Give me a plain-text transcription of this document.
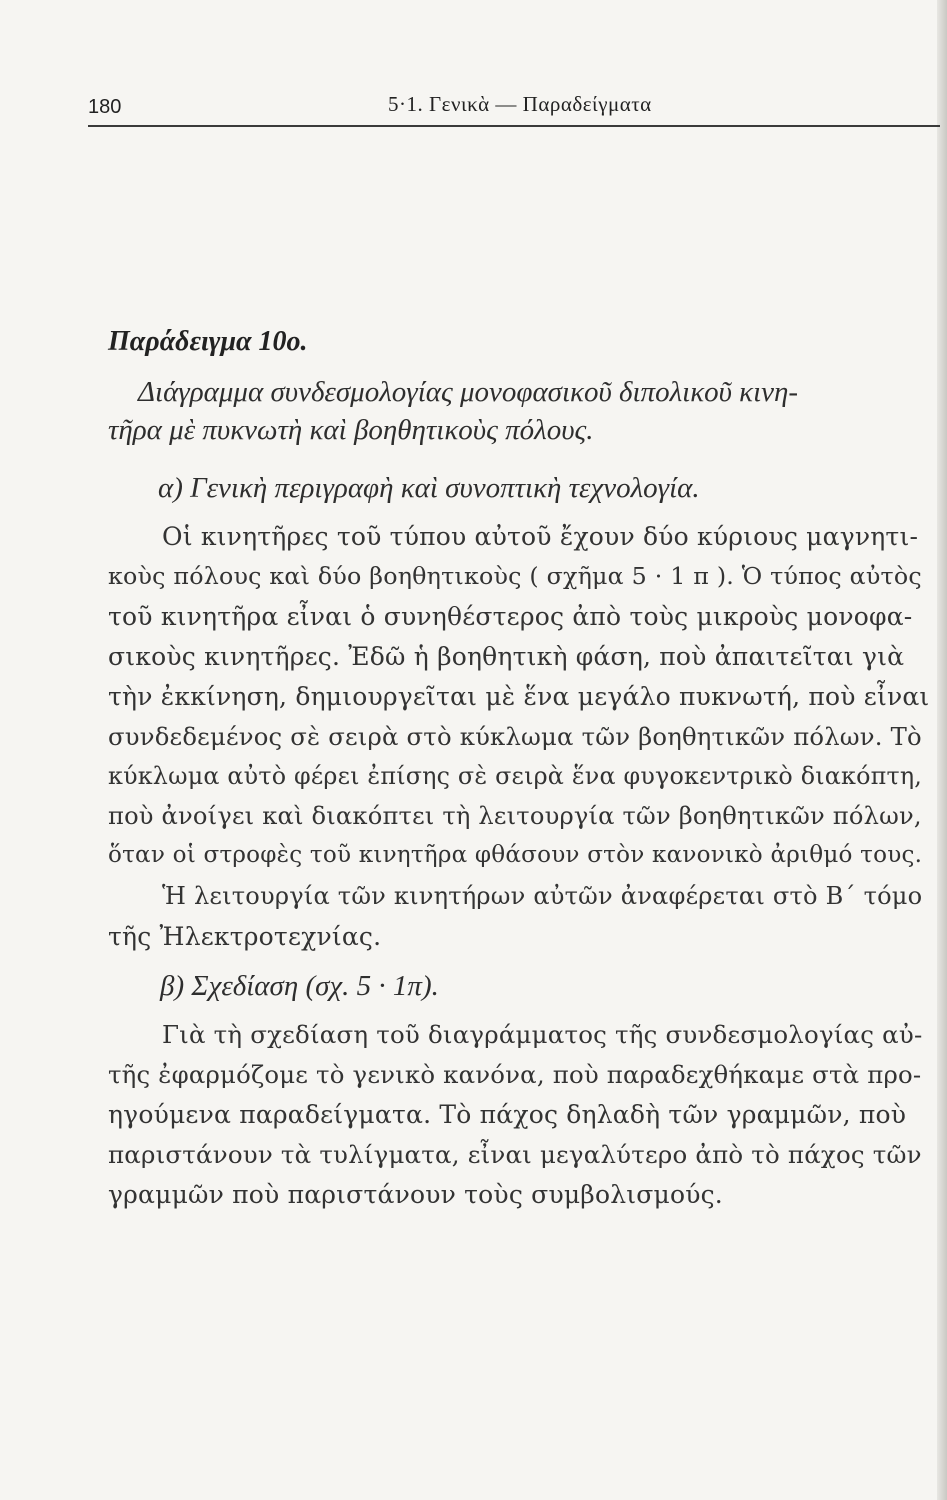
180	5·1. Γενικὰ — Παραδείγματα
Παράδειγμα 10ο.
Διάγραμμα συνδεσμολογίας μονοφασικοῦ διπολικοῦ κινη-
τῆρα μὲ πυκνωτὴ καὶ βοηθητικοὺς πόλους.
α) Γενικὴ περιγραφὴ καὶ συνοπτικὴ τεχνολογία.
Οἱ κινητῆρες τοῦ τύπου αὐτοῦ ἔχουν δύο κύριους μαγνητι-
κοὺς πόλους καὶ δύο βοηθητικοὺς ( σχῆμα 5 · 1 π ). Ὁ τύπος αὐτὸς
τοῦ κινητῆρα εἶναι ὁ συνηθέστερος ἀπὸ τοὺς μικροὺς μονοφα-
σικοὺς κινητῆρες. Ἐδῶ ἡ βοηθητικὴ φάση, ποὺ ἀπαιτεῖται γιὰ
τὴν ἐκκίνηση, δημιουργεῖται μὲ ἕνα μεγάλο πυκνωτή, ποὺ εἶναι
συνδεδεμένος σὲ σειρὰ στὸ κύκλωμα τῶν βοηθητικῶν πόλων. Τὸ
κύκλωμα αὐτὸ φέρει ἐπίσης σὲ σειρὰ ἕνα φυγοκεντρικὸ διακόπτη,
ποὺ ἀνοίγει καὶ διακόπτει τὴ λειτουργία τῶν βοηθητικῶν πόλων,
ὅταν οἱ στροφὲς τοῦ κινητῆρα φθάσουν στὸν κανονικὸ ἀριθμό τους.
Ἡ λειτουργία τῶν κινητήρων αὐτῶν ἀναφέρεται στὸ Β΄ τόμο
τῆς Ἠλεκτροτεχνίας.
β) Σχεδίαση (σχ. 5 · 1π).
Γιὰ τὴ σχεδίαση τοῦ διαγράμματος τῆς συνδεσμολογίας αὐ-
τῆς ἐφαρμόζομε τὸ γενικὸ κανόνα, ποὺ παραδεχθήκαμε στὰ προ-
ηγούμενα παραδείγματα. Τὸ πάχος δηλαδὴ τῶν γραμμῶν, ποὺ
παριστάνουν τὰ τυλίγματα, εἶναι μεγαλύτερο ἀπὸ τὸ πάχος τῶν
γραμμῶν ποὺ παριστάνουν τοὺς συμβολισμούς.
